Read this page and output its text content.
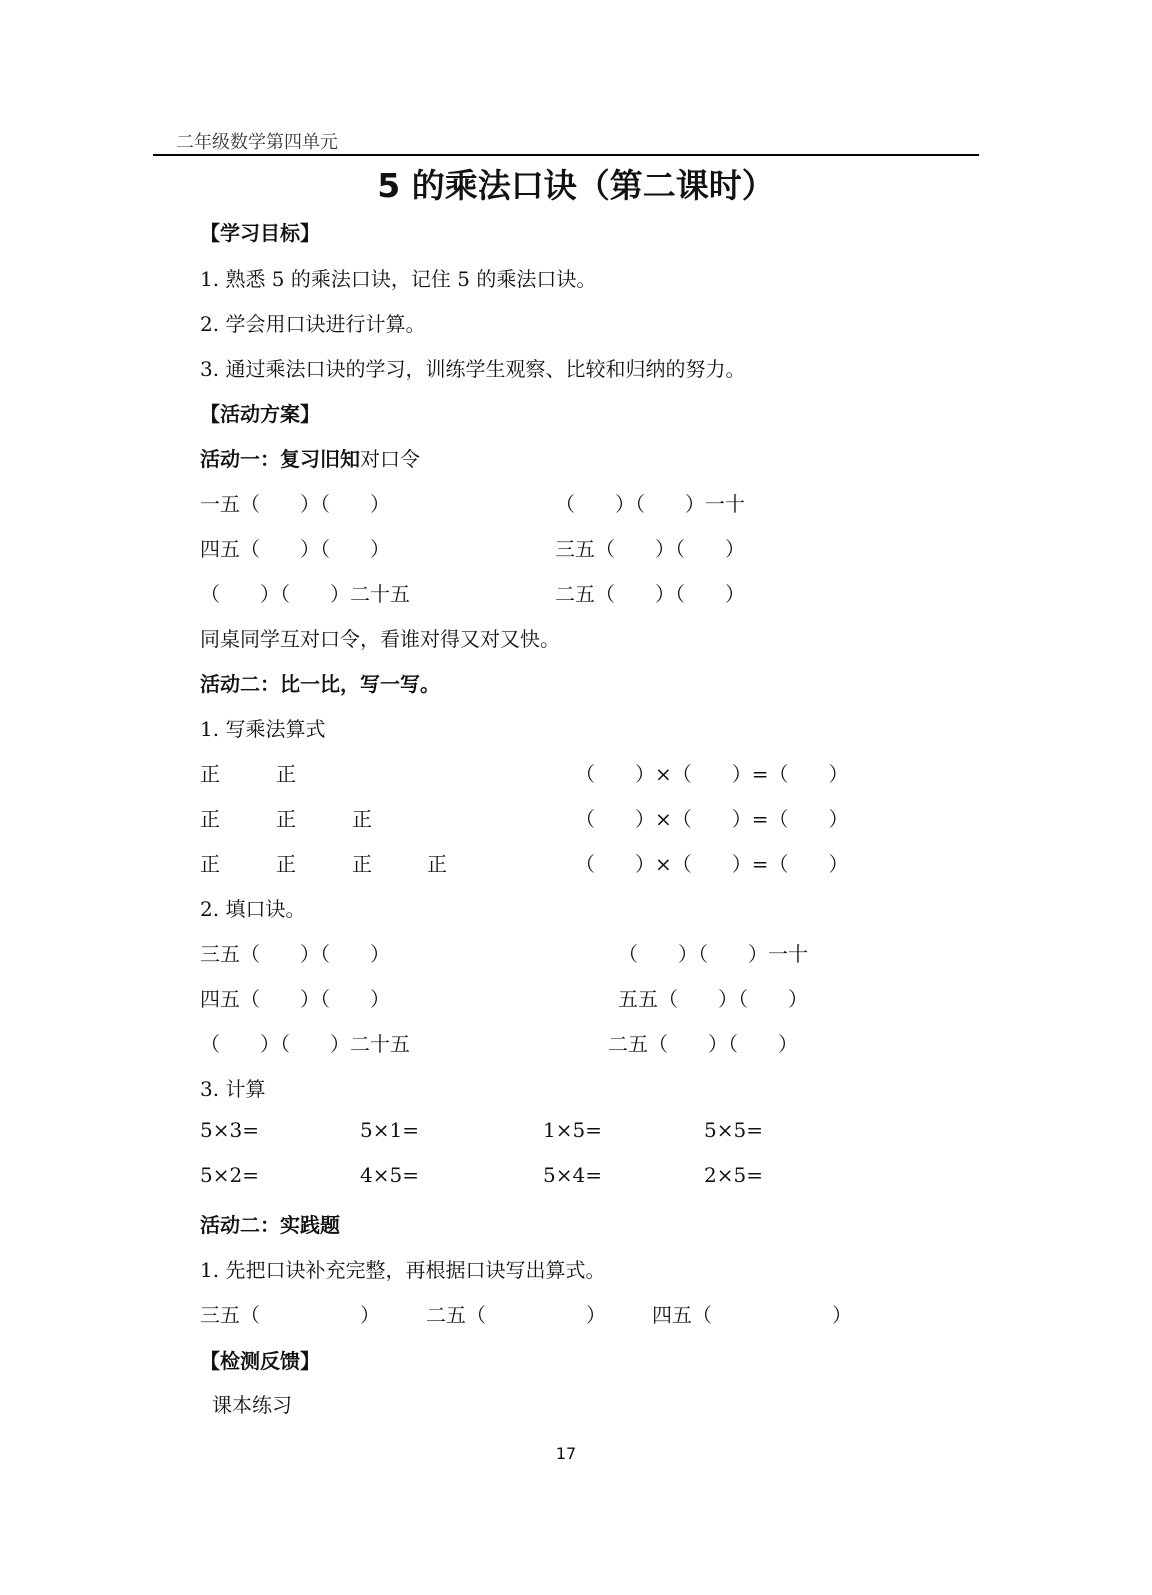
二年级数学第四单元
5 的乘法口诀（第二课时）
【学习目标】
1. 熟悉 5 的乘法口诀，记住 5 的乘法口诀。
2. 学会用口诀进行计算。
3. 通过乘法口诀的学习，训练学生观察、比较和归纳的努力。
【活动方案】
活动一：复习旧知对口令
一五（　　）（　　）	（　　）（　　）一十
四五（　　）（　　）	三五（　　）（　　）
（　　）（　　）二十五	二五（　　）（　　）
同桌同学互对口令，看谁对得又对又快。
活动二：比一比，写一写。
1. 写乘法算式
正	正	（　　）×（　　）=（　　）
正	正	正	（　　）×（　　）=（　　）
正	正	正	正	（　　）×（　　）=（　　）
2. 填口诀。
三五（　　）（　　）	（　　）（　　）一十
四五（　　）（　　）	五五（　　）（　　）
（　　）（　　）二十五	二五（　　）（　　）
3. 计算
5×3=	5×1=	1×5=	5×5=
5×2=	4×5=	5×4=	2×5=
活动二：实践题
1. 先把口诀补充完整，再根据口诀写出算式。
三五（　　　　　） 二五（　　　　　） 四五（　　　　　　）
【检测反馈】
课本练习
17
